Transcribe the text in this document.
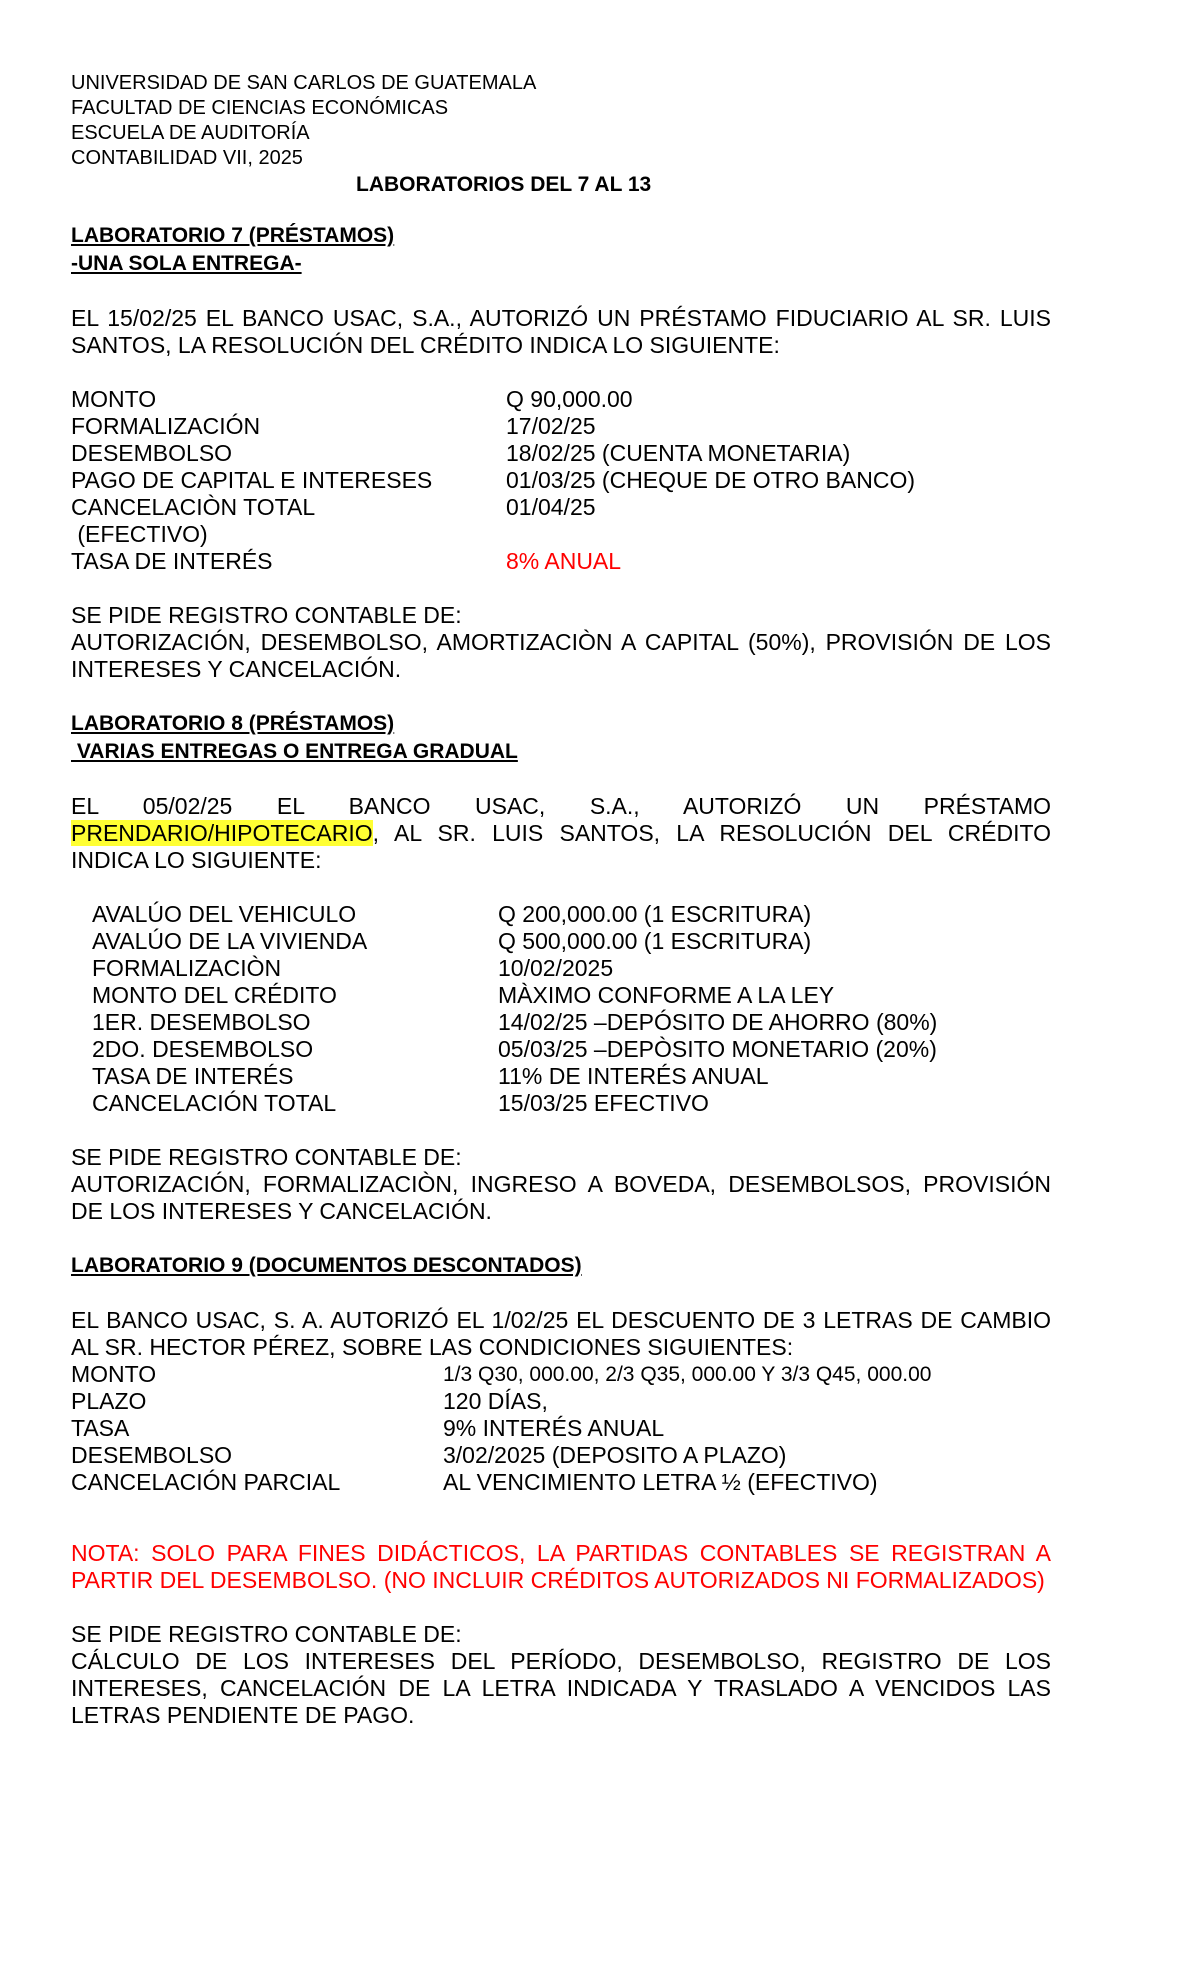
UNIVERSIDAD DE SAN CARLOS DE GUATEMALA
FACULTAD DE CIENCIAS ECONÓMICAS
ESCUELA DE AUDITORÍA
CONTABILIDAD VII, 2025
LABORATORIOS DEL 7 AL 13
LABORATORIO 7 (PRÉSTAMOS)
-UNA SOLA ENTREGA-

EL 15/02/25 EL BANCO USAC, S.A., AUTORIZÓ UN PRÉSTAMO FIDUCIARIO AL SR. LUIS SANTOS, LA RESOLUCIÓN DEL CRÉDITO INDICA LO SIGUIENTE:

MONTO	Q 90,000.00
FORMALIZACIÓN	17/02/25
DESEMBOLSO	18/02/25 (CUENTA MONETARIA)
PAGO DE CAPITAL E INTERESES	01/03/25 (CHEQUE DE OTRO BANCO)
CANCELACIÒN TOTAL	01/04/25
(EFECTIVO)
TASA DE INTERÉS	8% ANUAL

SE PIDE REGISTRO CONTABLE DE:

AUTORIZACIÓN, DESEMBOLSO, AMORTIZACIÒN A CAPITAL (50%), PROVISIÓN DE LOS INTERESES Y CANCELACIÓN.

LABORATORIO 8 (PRÉSTAMOS)
VARIAS ENTREGAS O ENTREGA GRADUAL

EL 05/02/25 EL BANCO USAC, S.A., AUTORIZÓ UN PRÉSTAMO

PRENDARIO/HIPOTECARIO, AL SR. LUIS SANTOS, LA RESOLUCIÓN DEL CRÉDITO

INDICA LO SIGUIENTE:

AVALÚO DEL VEHICULO	Q 200,000.00 (1 ESCRITURA)
AVALÚO DE LA VIVIENDA	Q 500,000.00 (1 ESCRITURA)
FORMALIZACIÒN	10/02/2025
MONTO DEL CRÉDITO	MÀXIMO CONFORME A LA LEY
1ER. DESEMBOLSO	14/02/25 –DEPÓSITO DE AHORRO (80%)
2DO. DESEMBOLSO	05/03/25 –DEPÒSITO MONETARIO (20%)
TASA DE INTERÉS	11% DE INTERÉS ANUAL
CANCELACIÓN TOTAL	15/03/25 EFECTIVO

SE PIDE REGISTRO CONTABLE DE:

AUTORIZACIÓN, FORMALIZACIÒN, INGRESO A BOVEDA, DESEMBOLSOS, PROVISIÓN DE LOS INTERESES Y CANCELACIÓN.

LABORATORIO 9 (DOCUMENTOS DESCONTADOS)

EL BANCO USAC, S. A. AUTORIZÓ EL 1/02/25 EL DESCUENTO DE 3 LETRAS DE CAMBIO AL SR. HECTOR PÉREZ, SOBRE LAS CONDICIONES SIGUIENTES:

MONTO	1/3 Q30, 000.00, 2/3 Q35, 000.00 Y 3/3 Q45, 000.00
PLAZO	120 DÍAS,
TASA	9% INTERÉS ANUAL
DESEMBOLSO	3/02/2025 (DEPOSITO A PLAZO)
CANCELACIÓN PARCIAL	AL VENCIMIENTO LETRA ½ (EFECTIVO)

NOTA: SOLO PARA FINES DIDÁCTICOS, LA PARTIDAS CONTABLES SE REGISTRAN A PARTIR DEL DESEMBOLSO. (NO INCLUIR CRÉDITOS AUTORIZADOS NI FORMALIZADOS)

SE PIDE REGISTRO CONTABLE DE:

CÁLCULO DE LOS INTERESES DEL PERÍODO, DESEMBOLSO, REGISTRO DE LOS INTERESES, CANCELACIÓN DE LA LETRA INDICADA Y TRASLADO A VENCIDOS LAS LETRAS PENDIENTE DE PAGO.
